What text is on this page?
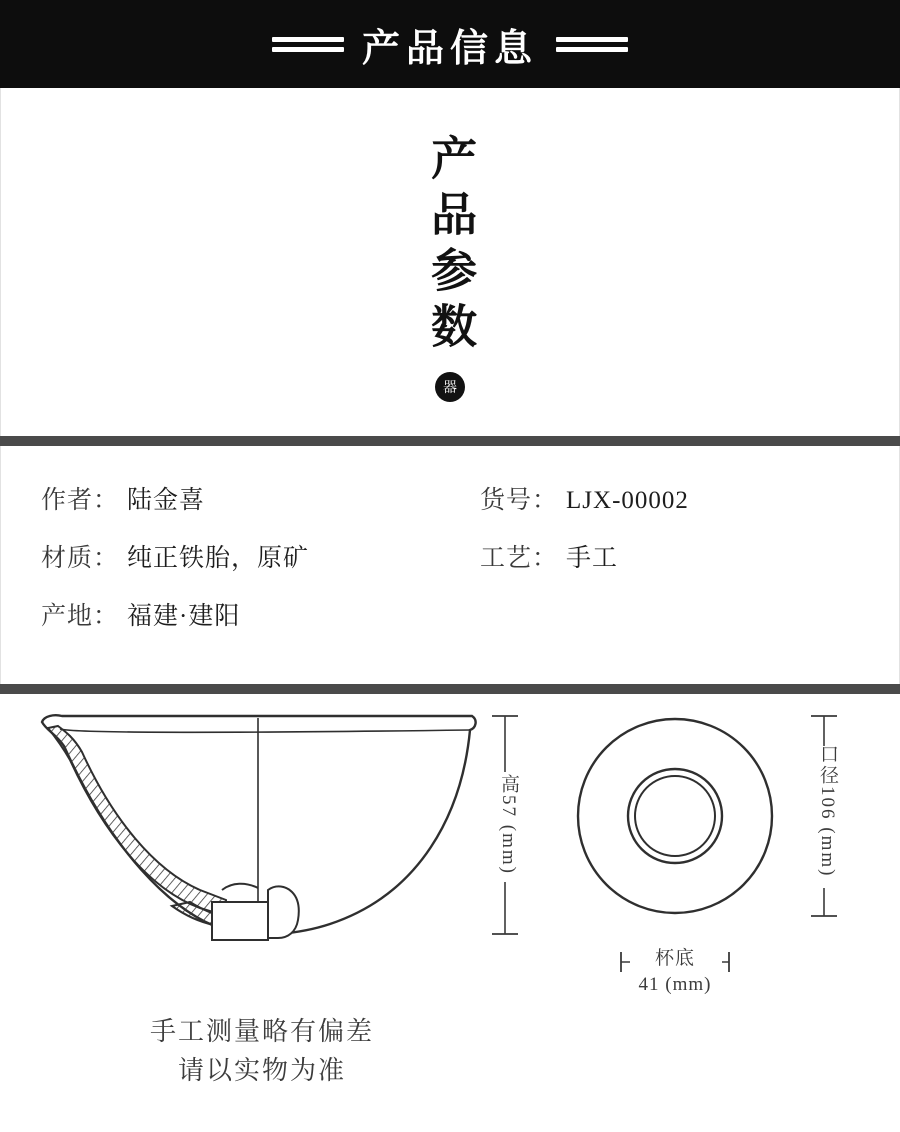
产品信息
产品参数
器
作者： 陆金喜	货号： LJX-00002
材质： 纯正铁胎，原矿	工艺： 手工
产地： 福建·建阳
高57 (mm)	口径106 (mm)
杯底
41 (mm)
手工测量略有偏差
请以实物为准
